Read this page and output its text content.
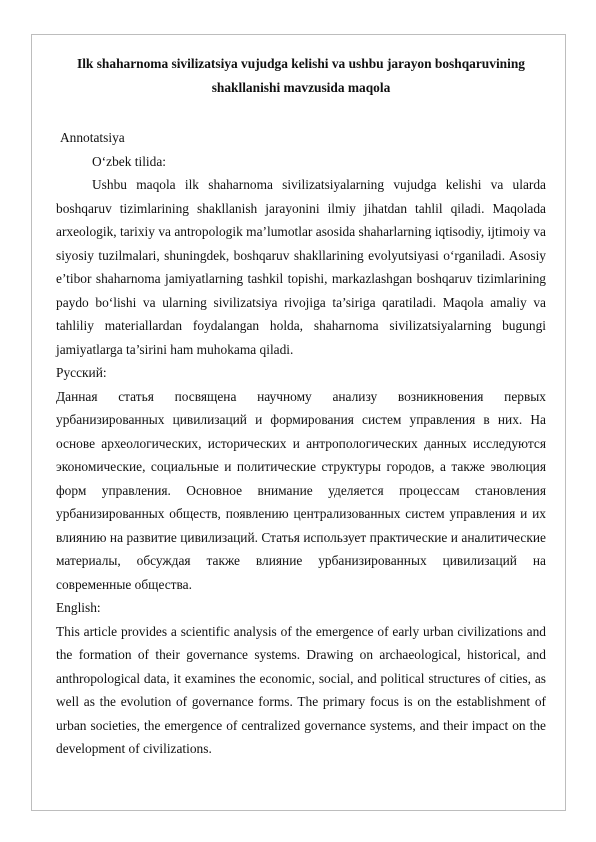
Ilk shaharnoma sivilizatsiya vujudga kelishi va ushbu jarayon boshqaruvining shakllanishi mavzusida maqola

Annotatsiya
O‘zbek tilida:

Ushbu maqola ilk shaharnoma sivilizatsiyalarning vujudga kelishi va ularda boshqaruv tizimlarining shakllanish jarayonini ilmiy jihatdan tahlil qiladi. Maqolada arxeologik, tarixiy va antropologik ma’lumotlar asosida shaharlarning iqtisodiy, ijtimoiy va siyosiy tuzilmalari, shuningdek, boshqaruv shakllarining evolyutsiyasi o‘rganiladi. Asosiy e’tibor shaharnoma jamiyatlarning tashkil topishi, markazlashgan boshqaruv tizimlarining paydo bo‘lishi va ularning sivilizatsiya rivojiga ta’siriga qaratiladi. Maqola amaliy va tahliliy materiallardan foydalangan holda, shaharnoma sivilizatsiyalarning bugungi jamiyatlarga ta’sirini ham muhokama qiladi.

Русский:

Данная статья посвящена научному анализу возникновения первых урбанизированных цивилизаций и формирования систем управления в них. На основе археологических, исторических и антропологических данных исследуются экономические, социальные и политические структуры городов, а также эволюция форм управления. Основное внимание уделяется процессам становления урбанизированных обществ, появлению централизованных систем управления и их влиянию на развитие цивилизаций. Статья использует практические и аналитические материалы, обсуждая также влияние урбанизированных цивилизаций на современные общества.

English:

This article provides a scientific analysis of the emergence of early urban civilizations and the formation of their governance systems. Drawing on archaeological, historical, and anthropological data, it examines the economic, social, and political structures of cities, as well as the evolution of governance forms. The primary focus is on the establishment of urban societies, the emergence of centralized governance systems, and their impact on the development of civilizations.
